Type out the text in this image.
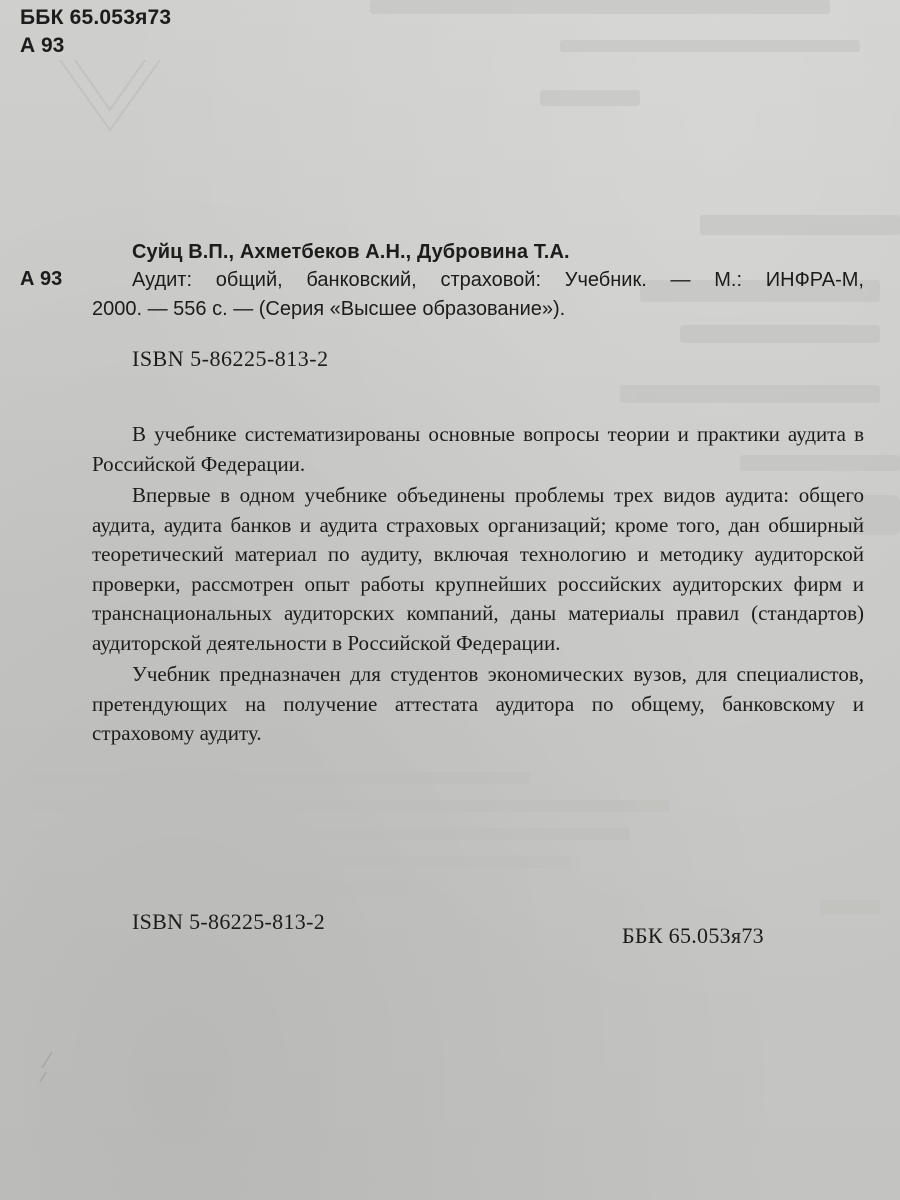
ББК 65.053я73
А 93
А 93
Суйц В.П., Ахметбеков А.Н., Дубровина Т.А.
Аудит: общий, банковский, страховой: Учебник. — М.: ИНФРА-М,
2000. — 556 с. — (Серия «Высшее образование»).
ISBN 5-86225-813-2

В учебнике систематизированы основные вопросы теории и практики аудита в Российской Федерации.

Впервые в одном учебнике объединены проблемы трех видов аудита: общего аудита, аудита банков и аудита страховых организаций; кроме того, дан обширный теоретический материал по аудиту, включая технологию и методику аудиторской проверки, рассмотрен опыт работы крупнейших российских аудиторских фирм и транснациональных аудиторских компаний, даны материалы правил (стандартов) аудиторской деятельности в Российской Федерации.

Учебник предназначен для студентов экономических вузов, для специалистов, претендующих на получение аттестата аудитора по общему, банковскому и страховому аудиту.

ISBN 5-86225-813-2
ББК 65.053я73
